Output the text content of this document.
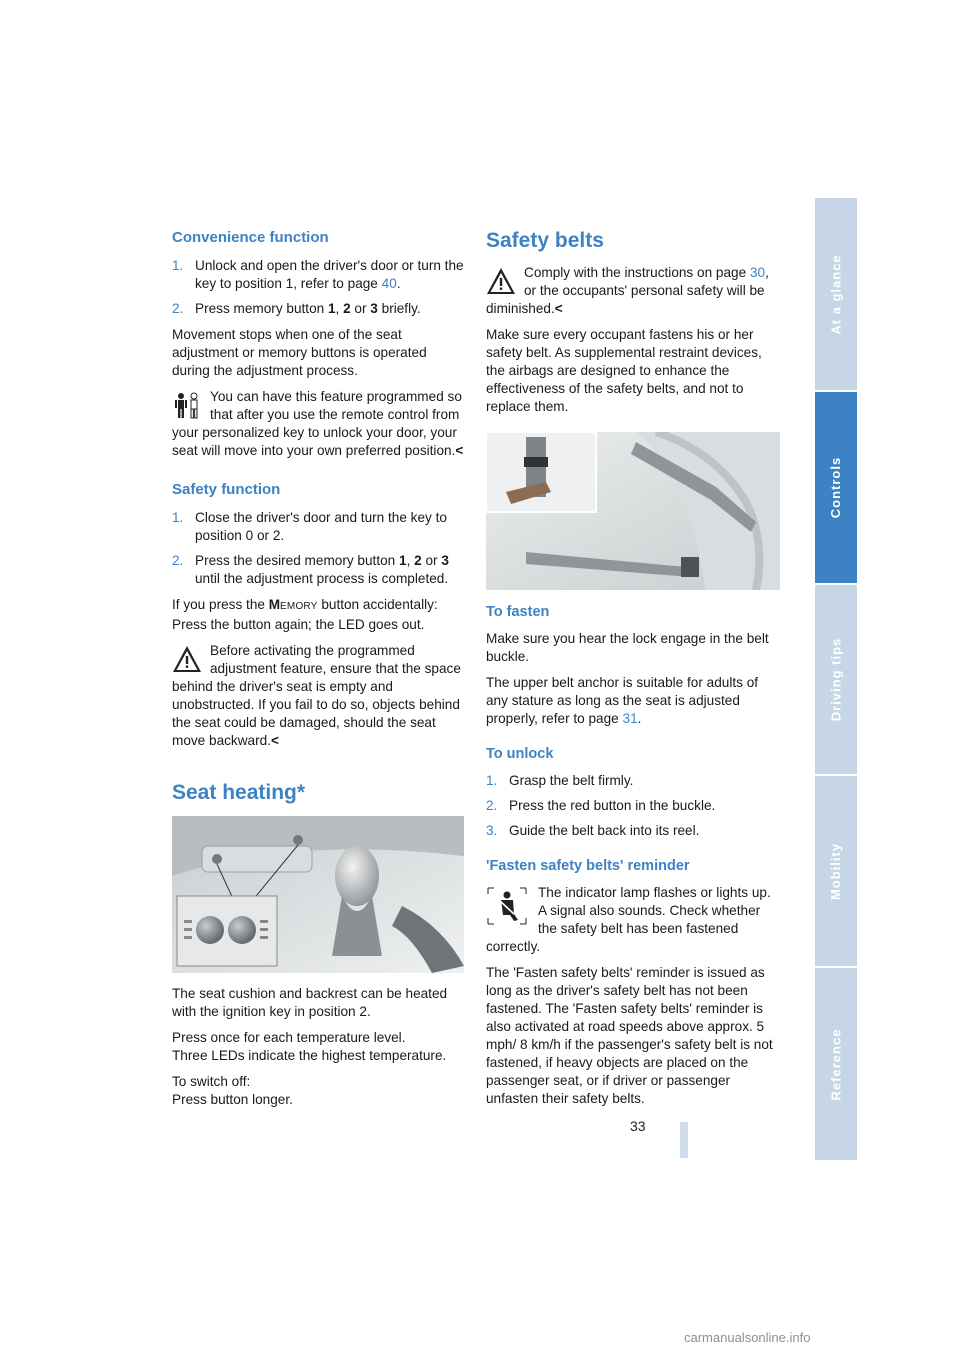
At a glance
Controls
Driving tips
Mobility
Reference
Convenience function
1. Unlock and open the driver's door or turn the key to position 1, refer to page 40.
2. Press memory button 1, 2 or 3 briefly.

Movement stops when one of the seat adjustment or memory buttons is operated during the adjustment process.

You can have this feature programmed so that after you use the remote control from your personalized key to unlock your door, your seat will move into your own preferred position.<
Safety function
1. Close the driver's door and turn the key to position 0 or 2.
2. Press the desired memory button 1, 2 or 3 until the adjustment process is completed.

If you press the MEMORY button accidentally: Press the button again; the LED goes out.

Before activating the programmed adjustment feature, ensure that the space behind the driver's seat is empty and unobstructed. If you fail to do so, objects behind the seat could be damaged, should the seat move backward.<
Seat heating*

The seat cushion and backrest can be heated with the ignition key in position 2.

Press once for each temperature level.
Three LEDs indicate the highest temperature.

To switch off:
Press button longer.

Safety belts
Comply with the instructions on page 30, or the occupants' personal safety will be diminished.<

Make sure every occupant fastens his or her safety belt. As supplemental restraint devices, the airbags are designed to enhance the effectiveness of the safety belts, and not to replace them.

To fasten

Make sure you hear the lock engage in the belt buckle.

The upper belt anchor is suitable for adults of any stature as long as the seat is adjusted properly, refer to page 31.

To unlock
1. Grasp the belt firmly.
2. Press the red button in the buckle.
3. Guide the belt back into its reel.
'Fasten safety belts' reminder
The indicator lamp flashes or lights up. A signal also sounds. Check whether the safety belt has been fastened correctly.

The 'Fasten safety belts' reminder is issued as long as the driver's safety belt has not been fastened. The 'Fasten safety belts' reminder is also activated at road speeds above approx. 5 mph/ 8 km/h if the passenger's safety belt is not fastened, if heavy objects are placed on the passenger seat, or if driver or passenger unfasten their safety belts.

33
carmanualsonline.info
